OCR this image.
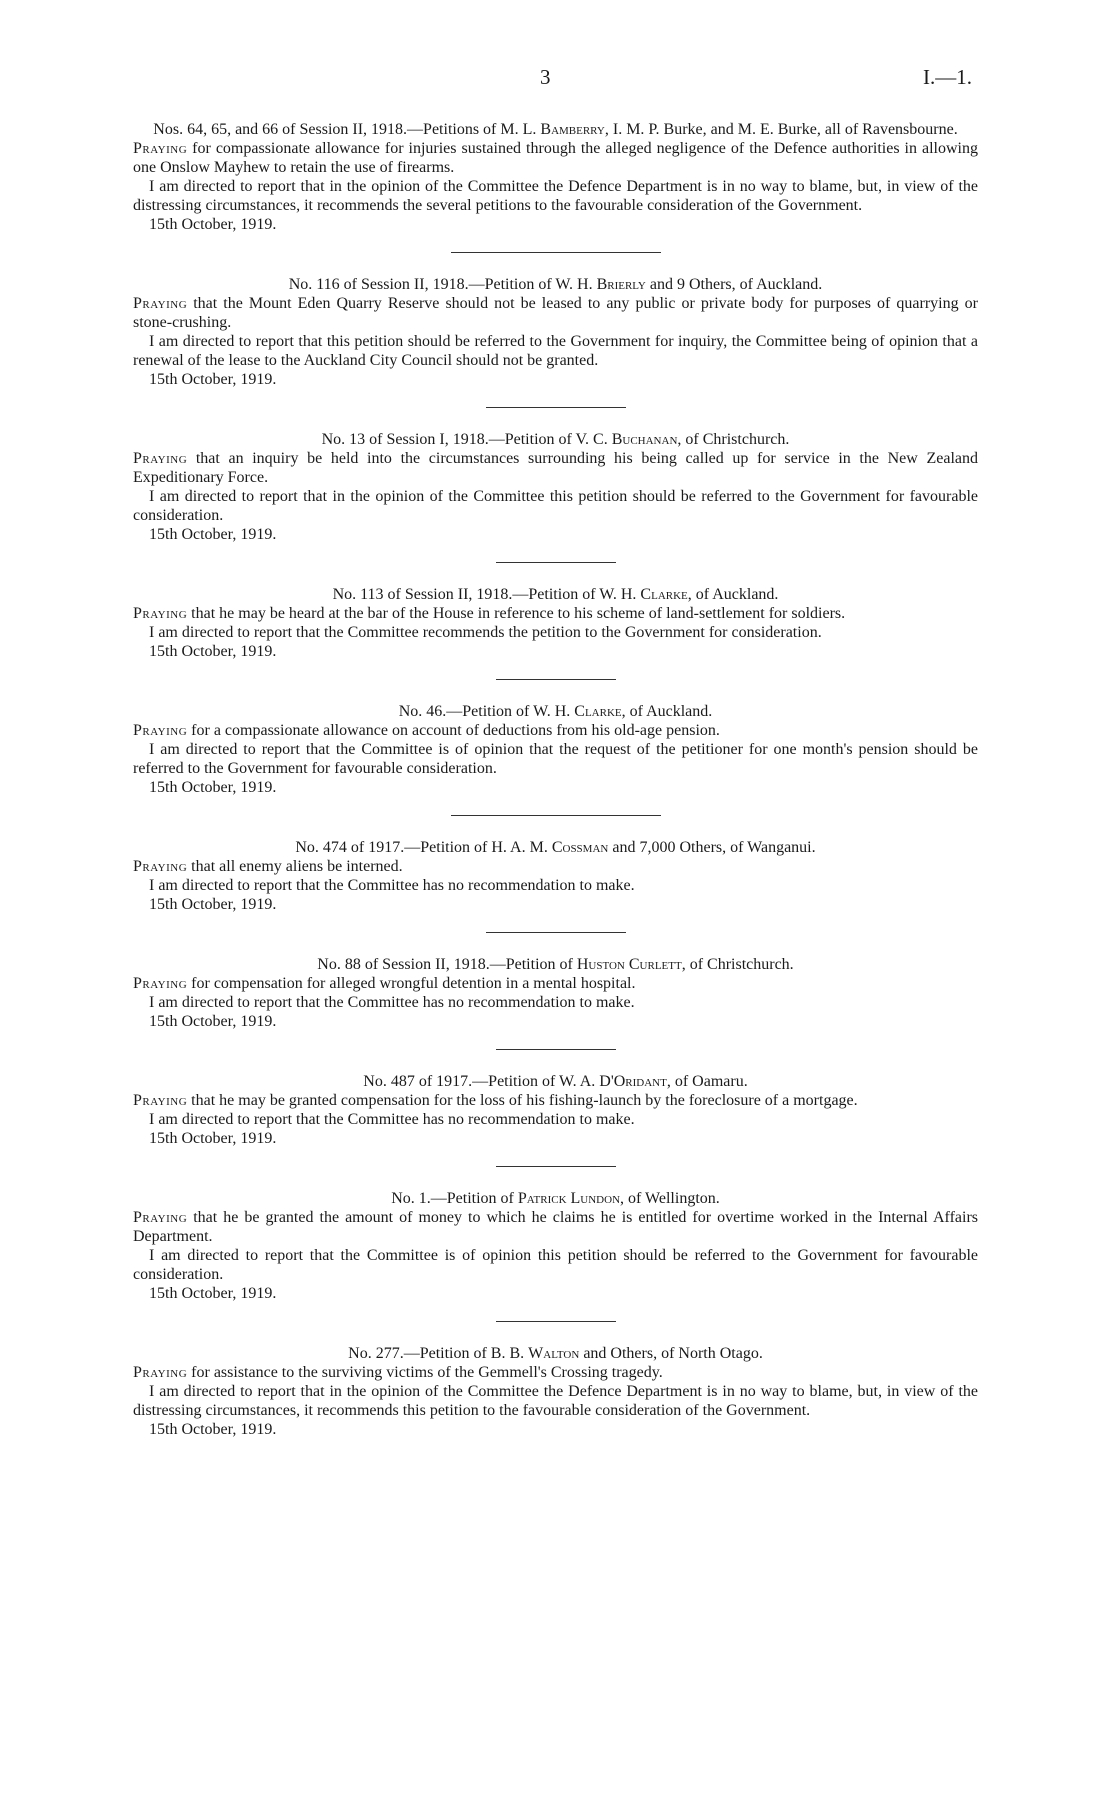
3	I.—1.

Nos. 64, 65, and 66 of Session II, 1918.—Petitions of M. L. Bamberry, I. M. P. Burke, and M. E. Burke, all of Ravensbourne.

Praying for compassionate allowance for injuries sustained through the alleged negligence of the Defence authorities in allowing one Onslow Mayhew to retain the use of firearms.

I am directed to report that in the opinion of the Committee the Defence Department is in no way to blame, but, in view of the distressing circumstances, it recommends the several petitions to the favourable consideration of the Government.

15th October, 1919.

No. 116 of Session II, 1918.—Petition of W. H. Brierly and 9 Others, of Auckland.

Praying that the Mount Eden Quarry Reserve should not be leased to any public or private body for purposes of quarrying or stone-crushing.

I am directed to report that this petition should be referred to the Government for inquiry, the Committee being of opinion that a renewal of the lease to the Auckland City Council should not be granted.

15th October, 1919.

No. 13 of Session I, 1918.—Petition of V. C. Buchanan, of Christchurch.

Praying that an inquiry be held into the circumstances surrounding his being called up for service in the New Zealand Expeditionary Force.

I am directed to report that in the opinion of the Committee this petition should be referred to the Government for favourable consideration.

15th October, 1919.

No. 113 of Session II, 1918.—Petition of W. H. Clarke, of Auckland.

Praying that he may be heard at the bar of the House in reference to his scheme of land-settlement for soldiers.

I am directed to report that the Committee recommends the petition to the Government for consideration.

15th October, 1919.

No. 46.—Petition of W. H. Clarke, of Auckland.

Praying for a compassionate allowance on account of deductions from his old-age pension.

I am directed to report that the Committee is of opinion that the request of the petitioner for one month's pension should be referred to the Government for favourable consideration.

15th October, 1919.

No. 474 of 1917.—Petition of H. A. M. Cossman and 7,000 Others, of Wanganui.

Praying that all enemy aliens be interned.

I am directed to report that the Committee has no recommendation to make.

15th October, 1919.

No. 88 of Session II, 1918.—Petition of Huston Curlett, of Christchurch.

Praying for compensation for alleged wrongful detention in a mental hospital.

I am directed to report that the Committee has no recommendation to make.

15th October, 1919.

No. 487 of 1917.—Petition of W. A. D'Oridant, of Oamaru.

Praying that he may be granted compensation for the loss of his fishing-launch by the foreclosure of a mortgage.

I am directed to report that the Committee has no recommendation to make.

15th October, 1919.

No. 1.—Petition of Patrick Lundon, of Wellington.

Praying that he be granted the amount of money to which he claims he is entitled for overtime worked in the Internal Affairs Department.

I am directed to report that the Committee is of opinion this petition should be referred to the Government for favourable consideration.

15th October, 1919.

No. 277.—Petition of B. B. Walton and Others, of North Otago.

Praying for assistance to the surviving victims of the Gemmell's Crossing tragedy.

I am directed to report that in the opinion of the Committee the Defence Department is in no way to blame, but, in view of the distressing circumstances, it recommends this petition to the favourable consideration of the Government.

15th October, 1919.
